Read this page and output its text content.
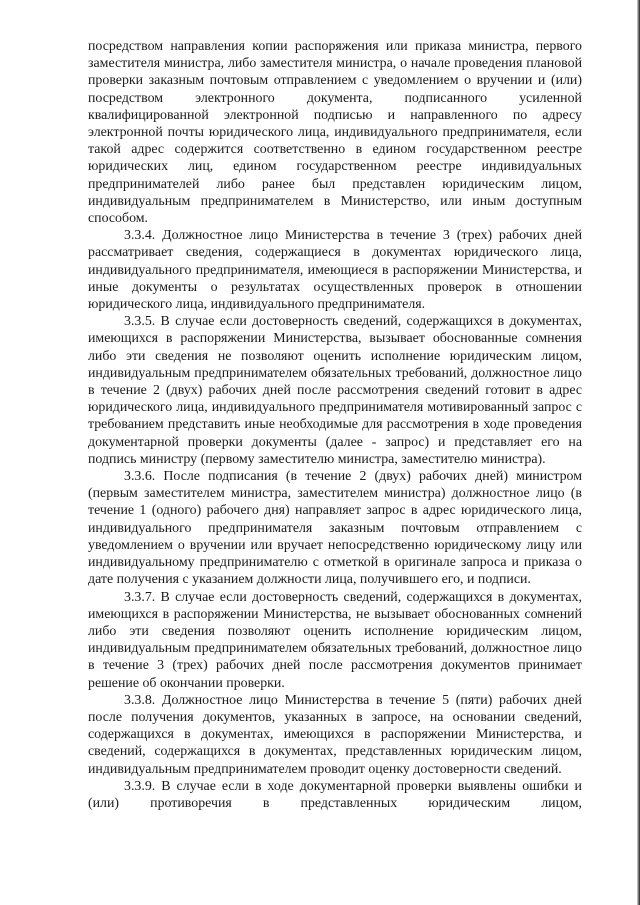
посредством направления копии распоряжения или приказа министра, первого заместителя министра, либо заместителя министра, о начале проведения плановой проверки заказным почтовым отправлением с уведомлением о вручении и (или) посредством электронного документа, подписанного усиленной квалифицированной электронной подписью и направленного по адресу электронной почты юридического лица, индивидуального предпринимателя, если такой адрес содержится соответственно в едином государственном реестре юридических лиц, едином государственном реестре индивидуальных предпринимателей либо ранее был представлен юридическим лицом, индивидуальным предпринимателем в Министерство, или иным доступным способом.

3.3.4. Должностное лицо Министерства в течение 3 (трех) рабочих дней рассматривает сведения, содержащиеся в документах юридического лица, индивидуального предпринимателя, имеющиеся в распоряжении Министерства, и иные документы о результатах осуществленных проверок в отношении юридического лица, индивидуального предпринимателя.

3.3.5. В случае если достоверность сведений, содержащихся в документах, имеющихся в распоряжении Министерства, вызывает обоснованные сомнения либо эти сведения не позволяют оценить исполнение юридическим лицом, индивидуальным предпринимателем обязательных требований, должностное лицо в течение 2 (двух) рабочих дней после рассмотрения сведений готовит в адрес юридического лица, индивидуального предпринимателя мотивированный запрос с требованием представить иные необходимые для рассмотрения в ходе проведения документарной проверки документы (далее - запрос) и представляет его на подпись министру (первому заместителю министра, заместителю министра).

3.3.6. После подписания (в течение 2 (двух) рабочих дней) министром (первым заместителем министра, заместителем министра) должностное лицо (в течение 1 (одного) рабочего дня) направляет запрос в адрес юридического лица, индивидуального предпринимателя заказным почтовым отправлением с уведомлением о вручении или вручает непосредственно юридическому лицу или индивидуальному предпринимателю с отметкой в оригинале запроса и приказа о дате получения с указанием должности лица, получившего его, и подписи.

3.3.7. В случае если достоверность сведений, содержащихся в документах, имеющихся в распоряжении Министерства, не вызывает обоснованных сомнений либо эти сведения позволяют оценить исполнение юридическим лицом, индивидуальным предпринимателем обязательных требований, должностное лицо в течение 3 (трех) рабочих дней после рассмотрения документов принимает решение об окончании проверки.

3.3.8. Должностное лицо Министерства в течение 5 (пяти) рабочих дней после получения документов, указанных в запросе, на основании сведений, содержащихся в документах, имеющихся в распоряжении Министерства, и сведений, содержащихся в документах, представленных юридическим лицом, индивидуальным предпринимателем проводит оценку достоверности сведений.

3.3.9. В случае если в ходе документарной проверки выявлены ошибки и (или) противоречия в представленных юридическим лицом,
